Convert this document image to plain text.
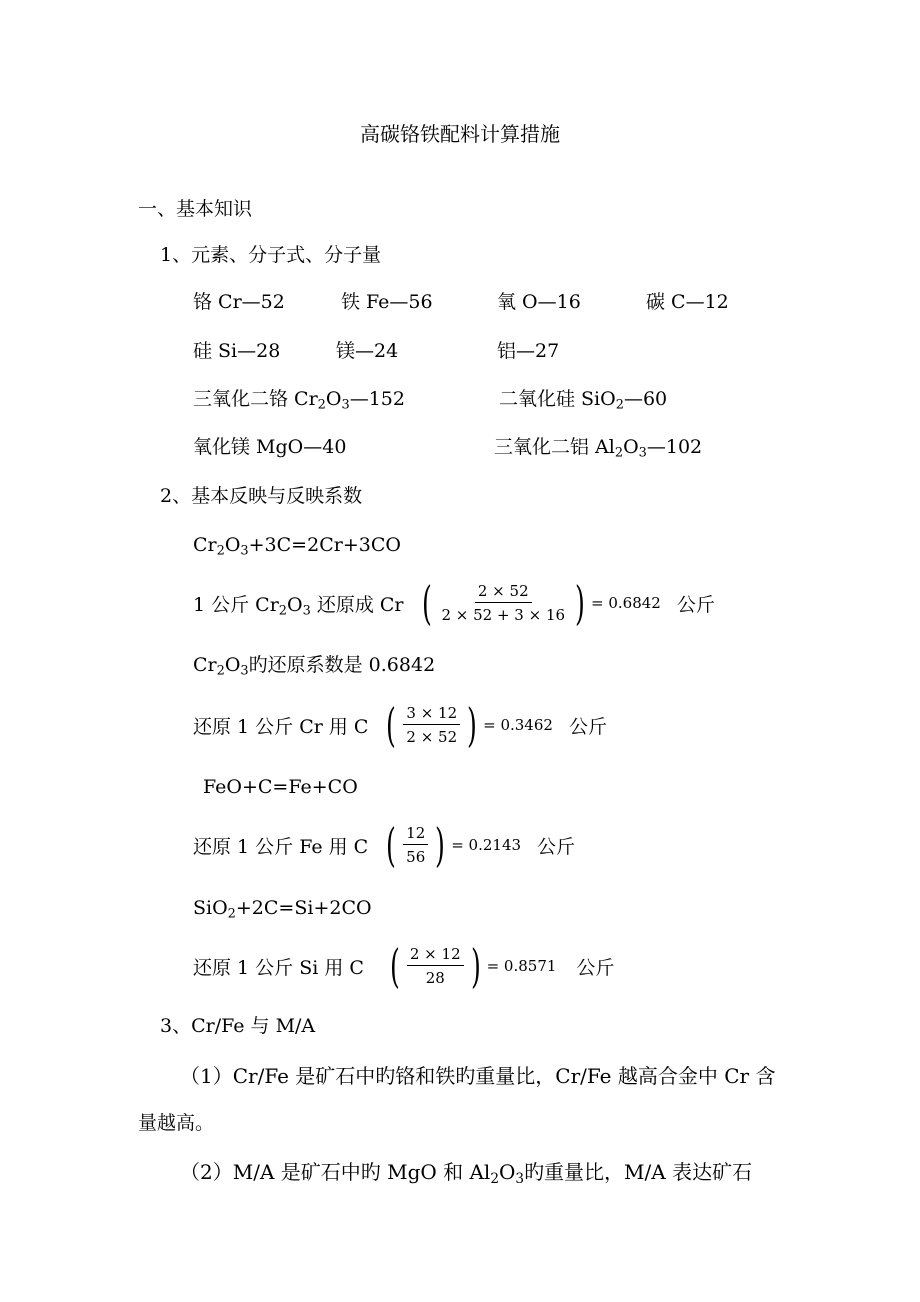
高碳铬铁配料计算措施
一、基本知识
1、元素、分子式、分子量
铬 Cr—52	铁 Fe—56	氧 O—16	碳 C—12
硅 Si—28	镁—24	铝—27
三氧化二铬 $Cr_2O_3—152$	二氧化硅 SiO$_2$—60
氧化镁 MgO—40	三氧化二铝 $Al_2O_3—102$
2、基本反映与反映系数
$Cr_2O_3+3C=2Cr+3CO$
1 公斤 $Cr_2O_3$ 还原成 Cr ( $\frac{2 \times 52}{2 \times 52 + 3 \times 16}$ ) = 0.6842 公斤
$Cr_2O_3$旳还原系数是 0.6842
还原 1 公斤 Cr 用 C ( $\frac{3 \times 12}{2 \times 52}$ ) = 0.3462 公斤
FeO+C=Fe+CO
还原 1 公斤 Fe 用 C ( $\frac{12}{56}$ ) = 0.2143 公斤
SiO$_2$+2C=Si+2CO
还原 1 公斤 Si 用 C ( $\frac{2 \times 12}{28}$ ) = 0.8571 公斤
3、Cr/Fe 与 M/A
（1）Cr/Fe 是矿石中旳铬和铁旳重量比，Cr/Fe 越高合金中 Cr 含
量越高。
（2）M/A 是矿石中旳 MgO 和 $Al_2O_3$旳重量比，M/A 表达矿石
